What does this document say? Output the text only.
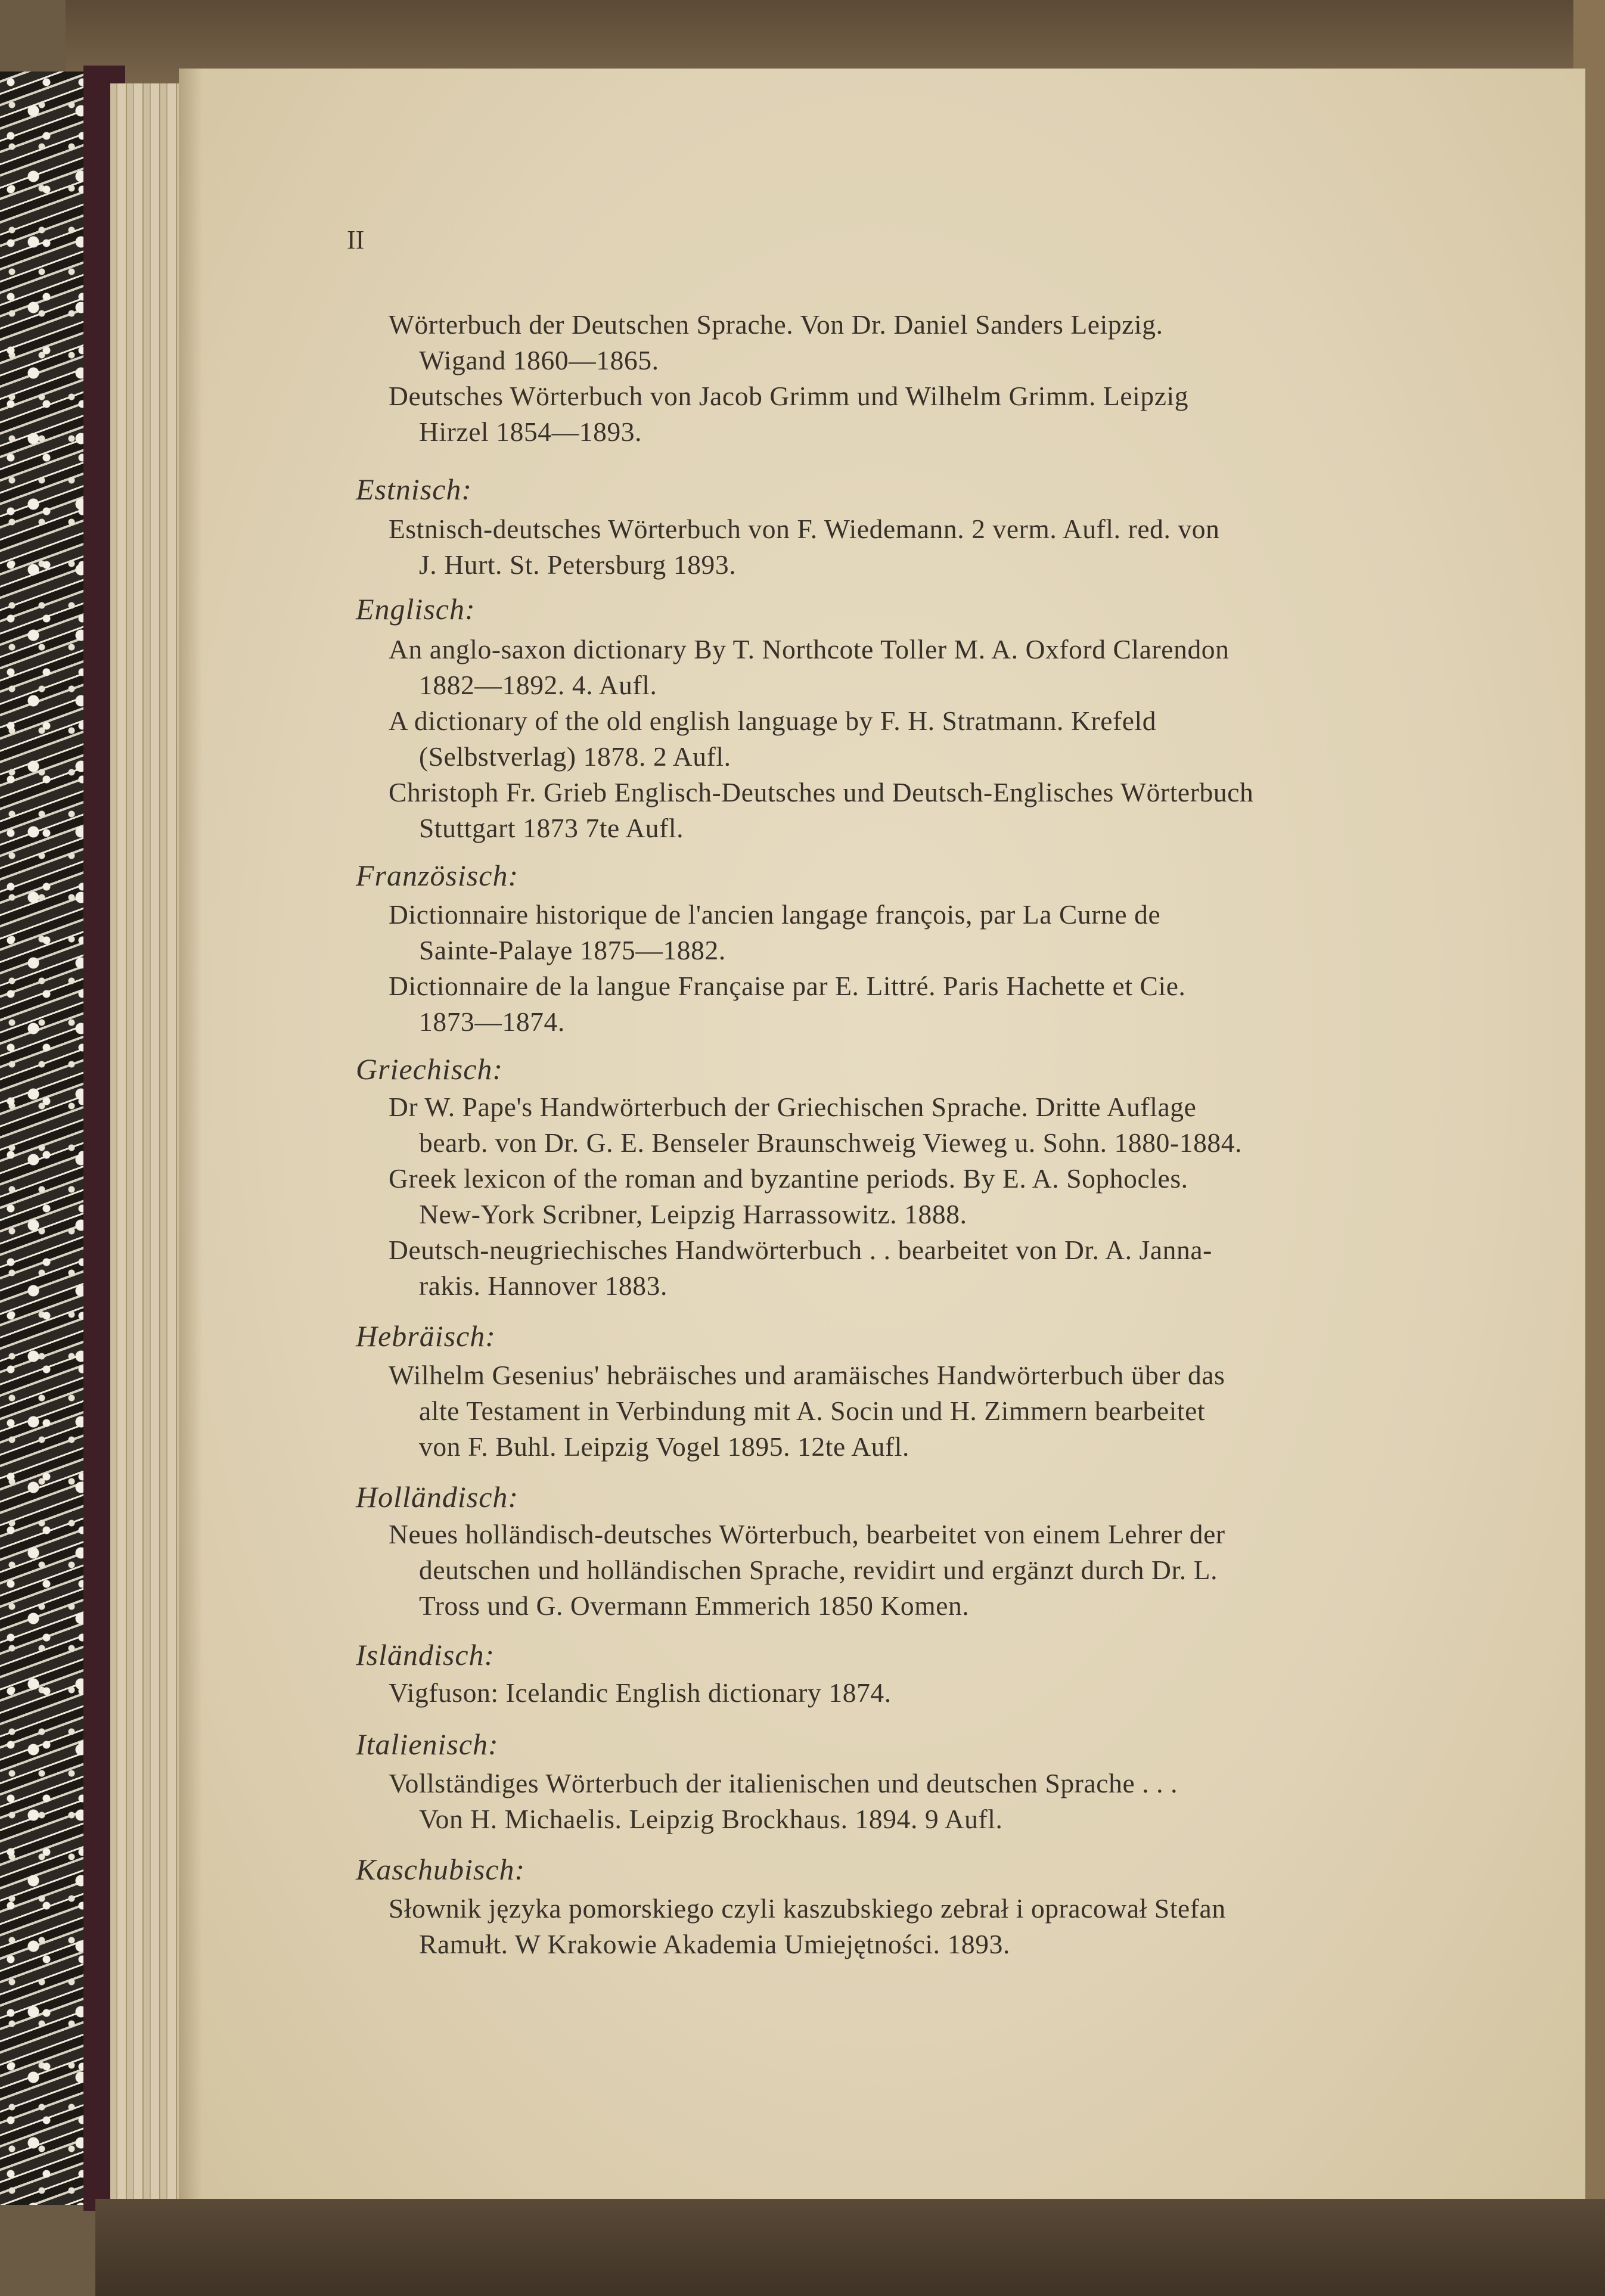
II
Wörterbuch der Deutschen Sprache. Von Dr. Daniel Sanders Leipzig.
Wigand 1860—1865.
Deutsches Wörterbuch von Jacob Grimm und Wilhelm Grimm. Leipzig
Hirzel 1854—1893.
Estnisch:
Estnisch-deutsches Wörterbuch von F. Wiedemann. 2 verm. Aufl. red. von
J. Hurt. St. Petersburg 1893.
Englisch:
An anglo-saxon dictionary By T. Northcote Toller M. A. Oxford Clarendon
1882—1892. 4. Aufl.
A dictionary of the old english language by F. H. Stratmann. Krefeld
(Selbstverlag) 1878. 2 Aufl.
Christoph Fr. Grieb Englisch-Deutsches und Deutsch-Englisches Wörterbuch
Stuttgart 1873 7te Aufl.
Französisch:
Dictionnaire historique de l'ancien langage françois, par La Curne de
Sainte-Palaye 1875—1882.
Dictionnaire de la langue Française par E. Littré. Paris Hachette et Cie.
1873—1874.
Griechisch:
Dr W. Pape's Handwörterbuch der Griechischen Sprache. Dritte Auflage
bearb. von Dr. G. E. Benseler Braunschweig Vieweg u. Sohn. 1880-1884.
Greek lexicon of the roman and byzantine periods. By E. A. Sophocles.
New-York Scribner, Leipzig Harrassowitz. 1888.
Deutsch-neugriechisches Handwörterbuch . . bearbeitet von Dr. A. Janna-
rakis. Hannover 1883.
Hebräisch:
Wilhelm Gesenius' hebräisches und aramäisches Handwörterbuch über das
alte Testament in Verbindung mit A. Socin und H. Zimmern bearbeitet
von F. Buhl. Leipzig Vogel 1895. 12te Aufl.
Holländisch:
Neues holländisch-deutsches Wörterbuch, bearbeitet von einem Lehrer der
deutschen und holländischen Sprache, revidirt und ergänzt durch Dr. L.
Tross und G. Overmann Emmerich 1850 Komen.
Isländisch:
Vigfuson: Icelandic English dictionary 1874.
Italienisch:
Vollständiges Wörterbuch der italienischen und deutschen Sprache . . .
Von H. Michaelis. Leipzig Brockhaus. 1894. 9 Aufl.
Kaschubisch:
Słownik języka pomorskiego czyli kaszubskiego zebrał i opracował Stefan
Ramułt. W Krakowie Akademia Umiejętności. 1893.
